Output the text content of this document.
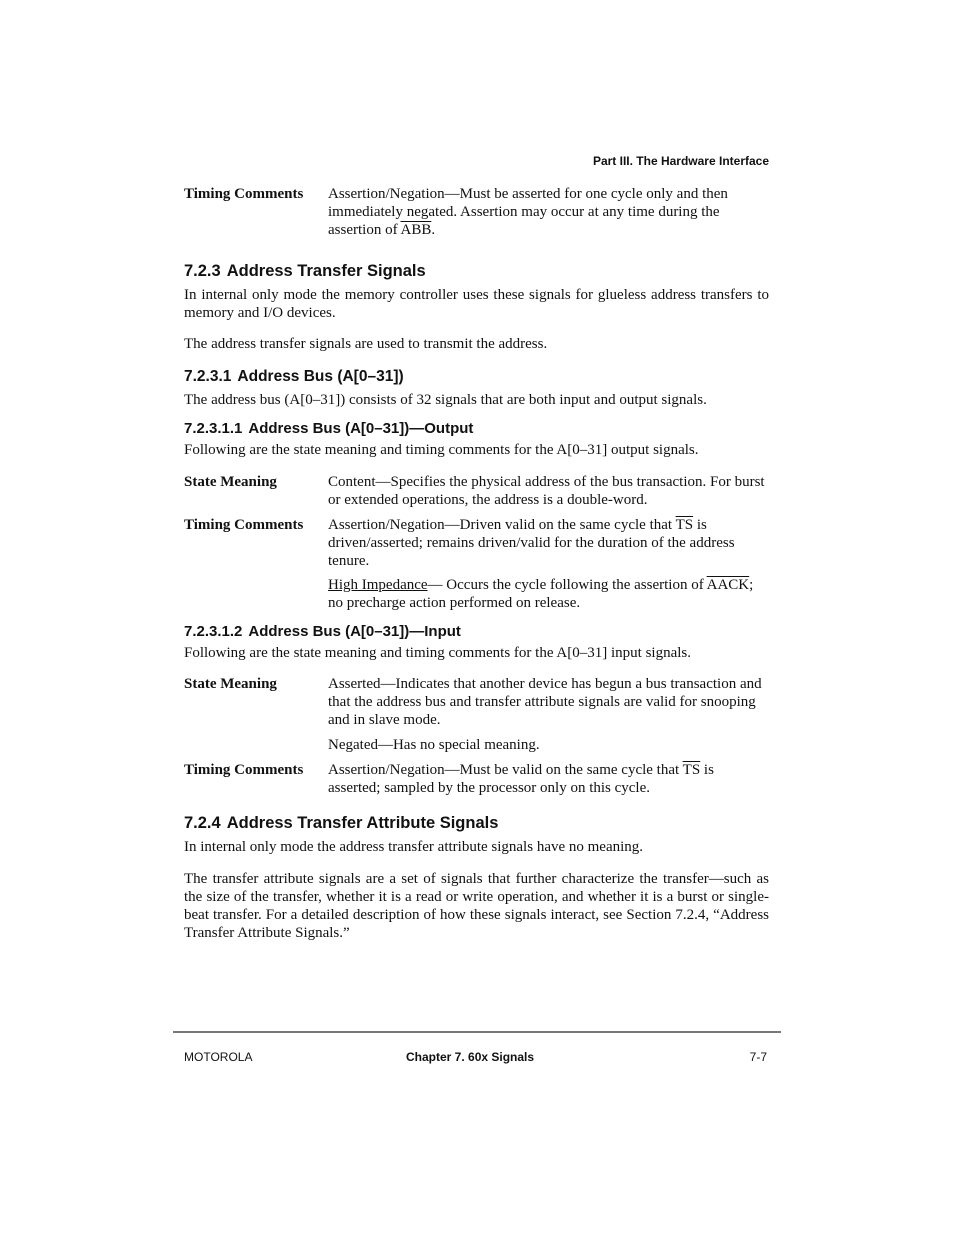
Part III. The Hardware Interface
Timing Comments	Assertion/Negation—Must be asserted for one cycle only and then immediately negated. Assertion may occur at any time during the assertion of $\overline{ABB}$.
7.2.3 Address Transfer Signals

In internal only mode the memory controller uses these signals for glueless address transfers to memory and I/O devices.

The address transfer signals are used to transmit the address.

7.2.3.1 Address Bus (A[0–31])

The address bus (A[0–31]) consists of 32 signals that are both input and output signals.

7.2.3.1.1 Address Bus (A[0–31])—Output

Following are the state meaning and timing comments for the A[0–31] output signals.

State Meaning	Content—Specifies the physical address of the bus transaction. For burst or extended operations, the address is a double-word.
Timing Comments	Assertion/Negation—Driven valid on the same cycle that $\overline{TS}$ is driven/asserted; remains driven/valid for the duration of the address tenure.

High Impedance— Occurs the cycle following the assertion of AACK; no precharge action performed on release.

7.2.3.1.2 Address Bus (A[0–31])—Input

Following are the state meaning and timing comments for the A[0–31] input signals.

State Meaning	Asserted—Indicates that another device has begun a bus transaction and that the address bus and transfer attribute signals are valid for snooping and in slave mode.

Negated—Has no special meaning.

Timing Comments	Assertion/Negation—Must be valid on the same cycle that $\overline{TS}$ is asserted; sampled by the processor only on this cycle.
7.2.4 Address Transfer Attribute Signals

In internal only mode the address transfer attribute signals have no meaning.

The transfer attribute signals are a set of signals that further characterize the transfer—such as the size of the transfer, whether it is a read or write operation, and whether it is a burst or single-beat transfer. For a detailed description of how these signals interact, see Section 7.2.4, “Address Transfer Attribute Signals.”

MOTOROLA	Chapter 7. 60x Signals	7-7
